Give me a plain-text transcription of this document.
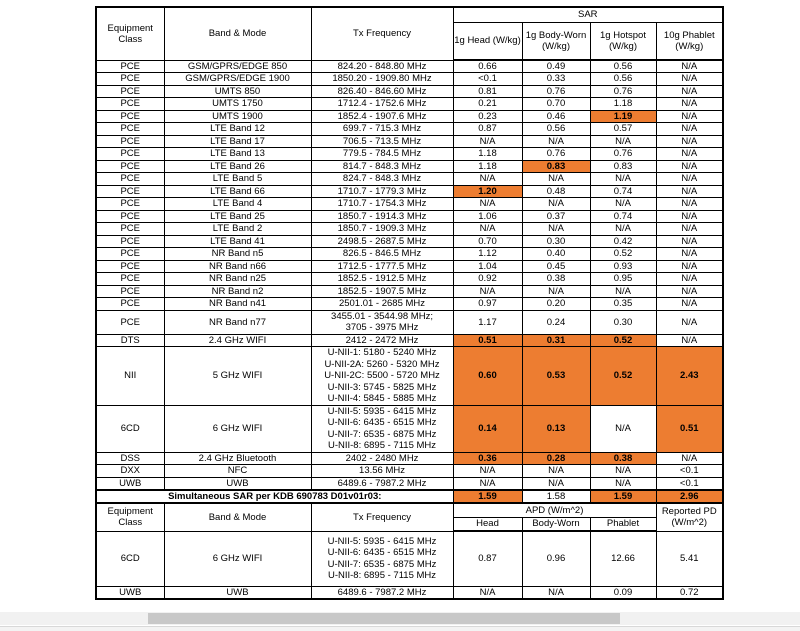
Equipment Class	Band & Mode	Tx Frequency	SAR			
			1g Head (W/kg)	1g Body-Worn (W/kg)	1g Hotspot (W/kg)	10g Phablet (W/kg)
PCE	GSM/GPRS/EDGE 850	824.20 - 848.80 MHz	0.66	0.49	0.56	N/A
PCE	GSM/GPRS/EDGE 1900	1850.20 - 1909.80 MHz	<0.1	0.33	0.56	N/A
PCE	UMTS 850	826.40 - 846.60 MHz	0.81	0.76	0.76	N/A
PCE	UMTS 1750	1712.4 - 1752.6 MHz	0.21	0.70	1.18	N/A
PCE	UMTS 1900	1852.4 - 1907.6 MHz	0.23	0.46	1.19	N/A
PCE	LTE Band 12	699.7 - 715.3 MHz	0.87	0.56	0.57	N/A
PCE	LTE Band 17	706.5 - 713.5 MHz	N/A	N/A	N/A	N/A
PCE	LTE Band 13	779.5 - 784.5 MHz	1.18	0.76	0.76	N/A
PCE	LTE Band 26	814.7 - 848.3 MHz	1.18	0.83	0.83	N/A
PCE	LTE Band 5	824.7 - 848.3 MHz	N/A	N/A	N/A	N/A
PCE	LTE Band 66	1710.7 - 1779.3 MHz	1.20	0.48	0.74	N/A
PCE	LTE Band 4	1710.7 - 1754.3 MHz	N/A	N/A	N/A	N/A
PCE	LTE Band 25	1850.7 - 1914.3 MHz	1.06	0.37	0.74	N/A
PCE	LTE Band 2	1850.7 - 1909.3 MHz	N/A	N/A	N/A	N/A
PCE	LTE Band 41	2498.5 - 2687.5 MHz	0.70	0.30	0.42	N/A
PCE	NR Band n5	826.5 - 846.5 MHz	1.12	0.40	0.52	N/A
PCE	NR Band n66	1712.5 - 1777.5 MHz	1.04	0.45	0.93	N/A
PCE	NR Band n25	1852.5 - 1912.5 MHz	0.92	0.38	0.95	N/A
PCE	NR Band n2	1852.5 - 1907.5 MHz	N/A	N/A	N/A	N/A
PCE	NR Band n41	2501.01 - 2685 MHz	0.97	0.20	0.35	N/A
PCE	NR Band n77	3455.01 - 3544.98 MHz;
3705 - 3975 MHz	1.17	0.24	0.30	N/A
DTS	2.4 GHz WIFI	2412 - 2472 MHz	0.51	0.31	0.52	N/A
NII	5 GHz WIFI	U-NII-1: 5180 - 5240 MHz
U-NII-2A: 5260 - 5320 MHz
U-NII-2C: 5500 - 5720 MHz
U-NII-3: 5745 - 5825 MHz
U-NII-4: 5845 - 5885 MHz	0.60	0.53	0.52	2.43
6CD	6 GHz WIFI	U-NII-5: 5935 - 6415 MHz
U-NII-6: 6435 - 6515 MHz
U-NII-7: 6535 - 6875 MHz
U-NII-8: 6895 - 7115 MHz	0.14	0.13	N/A	0.51
DSS	2.4 GHz Bluetooth	2402 - 2480 MHz	0.36	0.28	0.38	N/A
DXX	NFC	13.56 MHz	N/A	N/A	N/A	<0.1
UWB	UWB	6489.6 - 7987.2 MHz	N/A	N/A	N/A	<0.1
Simultaneous SAR per KDB 690783 D01v01r03:			1.59	1.58	1.59	2.96
Equipment Class	Band & Mode	Tx Frequency	APD (W/m^2)			Reported PD (W/m^2)
			Head	Body-Worn	Phablet	
6CD	6 GHz WIFI	U-NII-5: 5935 - 6415 MHz
U-NII-6: 6435 - 6515 MHz
U-NII-7: 6535 - 6875 MHz
U-NII-8: 6895 - 7115 MHz	0.87	0.96	12.66	5.41
UWB	UWB	6489.6 - 7987.2 MHz	N/A	N/A	0.09	0.72
